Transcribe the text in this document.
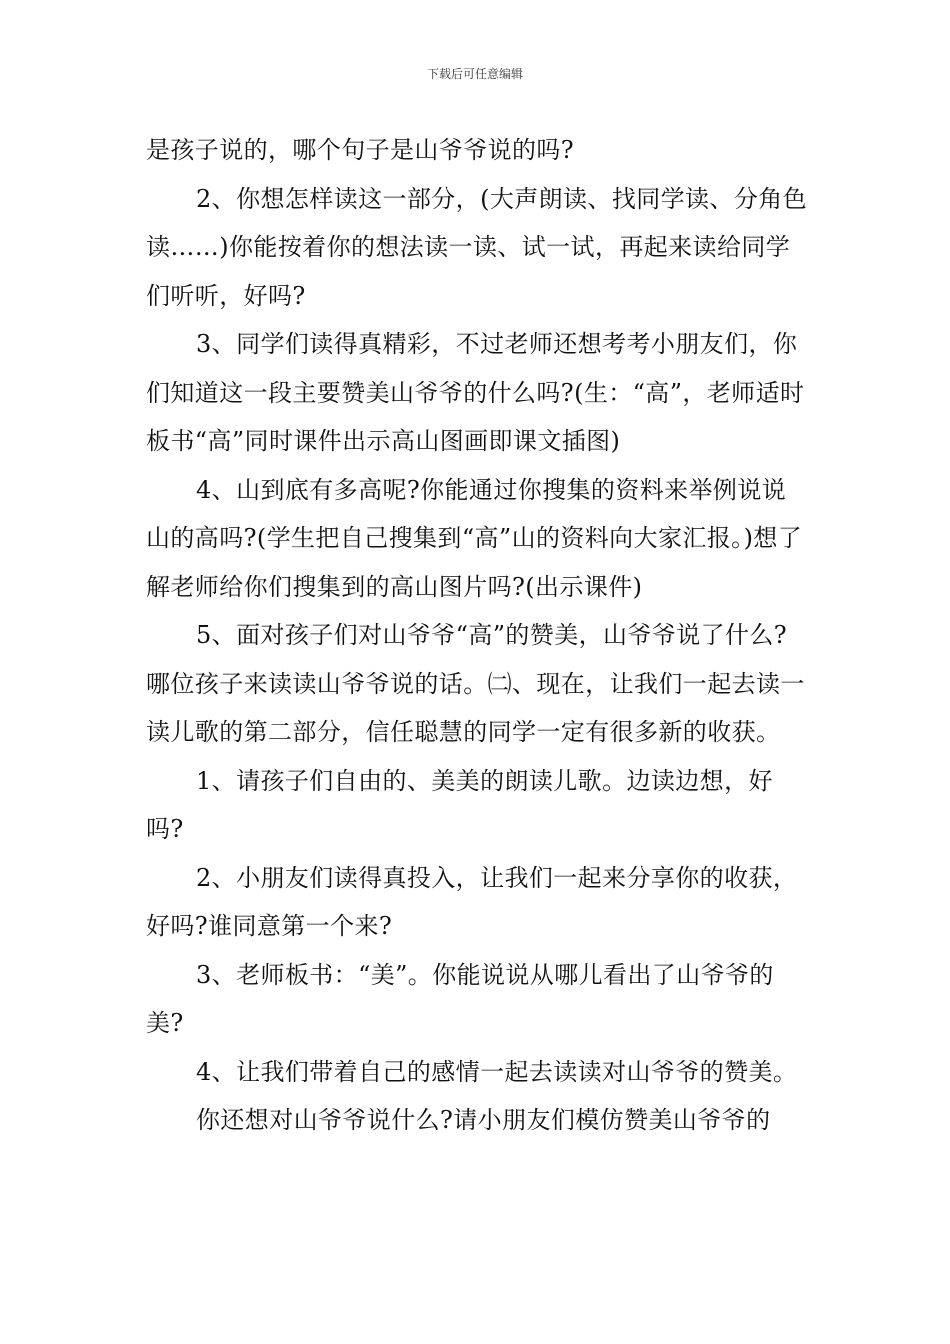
下载后可任意编辑

是孩子说的，哪个句子是山爷爷说的吗?

2、你想怎样读这一部分，(大声朗读、找同学读、分角色读……)你能按着你的想法读一读、试一试，再起来读给同学们听听，好吗?

3、同学们读得真精彩，不过老师还想考考小朋友们，你们知道这一段主要赞美山爷爷的什么吗?(生：“高”，老师适时板书“高”同时课件出示高山图画即课文插图)

4、山到底有多高呢?你能通过你搜集的资料来举例说说山的高吗?(学生把自己搜集到“高”山的资料向大家汇报。)想了解老师给你们搜集到的高山图片吗?(出示课件)

5、面对孩子们对山爷爷“高”的赞美，山爷爷说了什么?哪位孩子来读读山爷爷说的话。㈡、现在，让我们一起去读一读儿歌的第二部分，信任聪慧的同学一定有很多新的收获。

1、请孩子们自由的、美美的朗读儿歌。边读边想，好吗?

2、小朋友们读得真投入，让我们一起来分享你的收获，好吗?谁同意第一个来?

3、老师板书：“美”。你能说说从哪儿看出了山爷爷的美?

4、让我们带着自己的感情一起去读读对山爷爷的赞美。

你还想对山爷爷说什么?请小朋友们模仿赞美山爷爷的
